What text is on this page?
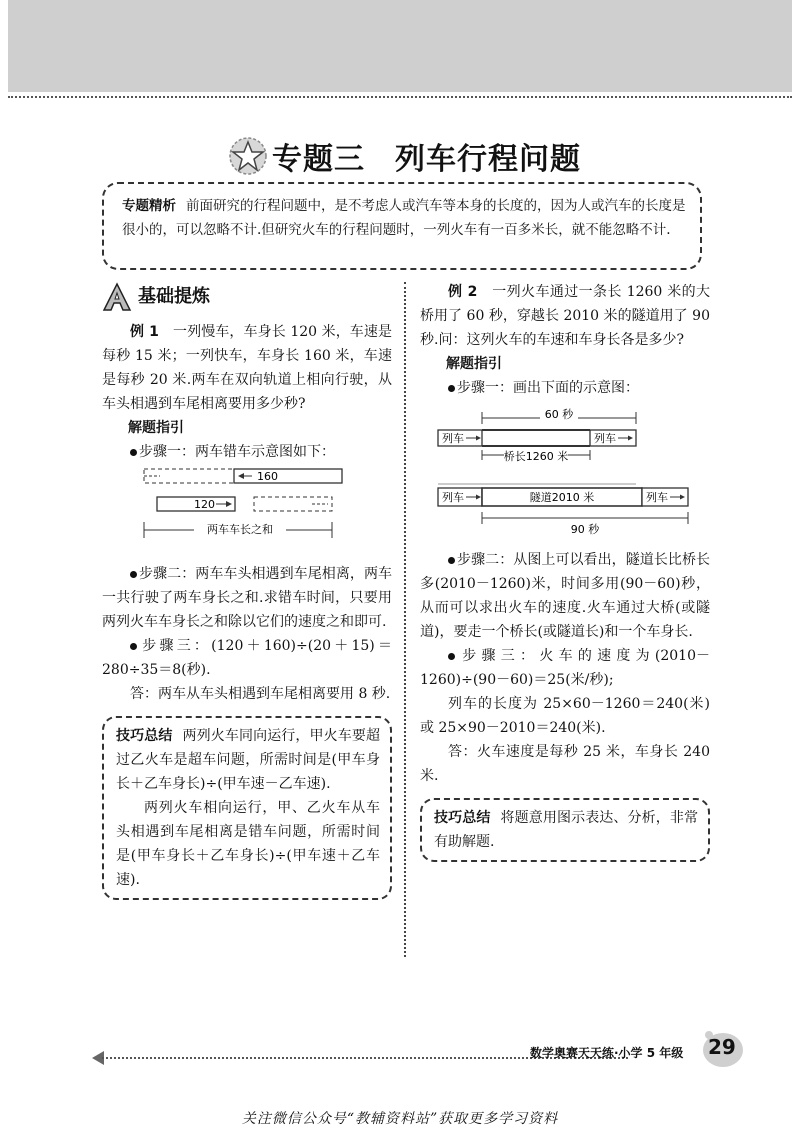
专题三 列车行程问题
专题精析 前面研究的行程问题中，是不考虑人或汽车等本身的长度的，因为人或汽车的长度是很小的，可以忽略不计.但研究火车的行程问题时，一列火车有一百多米长，就不能忽略不计.
基础提炼

例 1　 一列慢车，车身长 120 米，车速是每秒 15 米；一列快车，车身长 160 米，车速是每秒 20 米.两车在双向轨道上相向行驶，从车头相遇到车尾相离要用多少秒?

解题指引

步骤一：两车错车示意图如下：

160
120
两车车长之和

步骤二：两车车头相遇到车尾相离，两车一共行驶了两车身长之和.求错车时间，只要用两列火车车身长之和除以它们的速度之和即可.

步骤三：(120＋160)÷(20＋15)＝280÷35＝8(秒).

答：两车从车头相遇到车尾相离要用 8 秒.

技巧总结 两列火车同向运行，甲火车要超过乙火车是超车问题，所需时间是(甲车身长＋乙车身长)÷(甲车速－乙车速).

两列火车相向运行，甲、乙火车从车头相遇到车尾相离是错车问题，所需时间是(甲车身长＋乙车身长)÷(甲车速＋乙车速).

例 2　 一列火车通过一条长 1260 米的大桥用了 60 秒，穿越长 2010 米的隧道用了 90 秒.问：这列火车的车速和车身长各是多少?

解题指引

步骤一：画出下面的示意图：

60 秒
列车	列车
桥长1260 米
列车	隧道2010 米	列车
90 秒

步骤二：从图上可以看出，隧道长比桥长多(2010－1260)米，时间多用(90－60)秒，从而可以求出火车的速度.火车通过大桥(或隧道)，要走一个桥长(或隧道长)和一个车身长.

步骤三：火车的速度为(2010－1260)÷(90－60)＝25(米/秒);

列车的长度为 25×60－1260＝240(米)或 25×90－2010＝240(米).

答：火车速度是每秒 25 米，车身长 240 米.

技巧总结 将题意用图示表达、分析，非常有助解题.

数学奥赛天天练·小学 5 年级 29
关注微信公众号“教辅资料站”获取更多学习资料
